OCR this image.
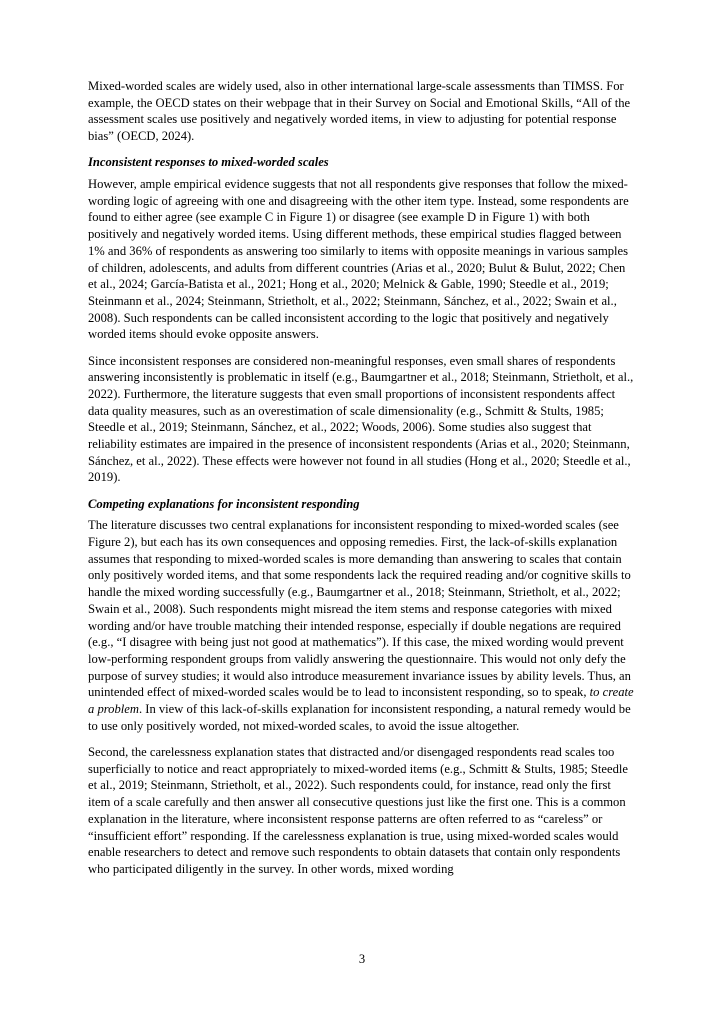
Mixed-worded scales are widely used, also in other international large-scale assessments than TIMSS. For example, the OECD states on their webpage that in their Survey on Social and Emotional Skills, “All of the assessment scales use positively and negatively worded items, in view to adjusting for potential response bias” (OECD, 2024).

Inconsistent responses to mixed-worded scales

However, ample empirical evidence suggests that not all respondents give responses that follow the mixed-wording logic of agreeing with one and disagreeing with the other item type. Instead, some respondents are found to either agree (see example C in Figure 1) or disagree (see example D in Figure 1) with both positively and negatively worded items. Using different methods, these empirical studies flagged between 1% and 36% of respondents as answering too similarly to items with opposite meanings in various samples of children, adolescents, and adults from different countries (Arias et al., 2020; Bulut & Bulut, 2022; Chen et al., 2024; García-Batista et al., 2021; Hong et al., 2020; Melnick & Gable, 1990; Steedle et al., 2019; Steinmann et al., 2024; Steinmann, Strietholt, et al., 2022; Steinmann, Sánchez, et al., 2022; Swain et al., 2008). Such respondents can be called inconsistent according to the logic that positively and negatively worded items should evoke opposite answers.

Since inconsistent responses are considered non-meaningful responses, even small shares of respondents answering inconsistently is problematic in itself (e.g., Baumgartner et al., 2018; Steinmann, Strietholt, et al., 2022). Furthermore, the literature suggests that even small proportions of inconsistent respondents affect data quality measures, such as an overestimation of scale dimensionality (e.g., Schmitt & Stults, 1985; Steedle et al., 2019; Steinmann, Sánchez, et al., 2022; Woods, 2006). Some studies also suggest that reliability estimates are impaired in the presence of inconsistent respondents (Arias et al., 2020; Steinmann, Sánchez, et al., 2022). These effects were however not found in all studies (Hong et al., 2020; Steedle et al., 2019).

Competing explanations for inconsistent responding

The literature discusses two central explanations for inconsistent responding to mixed-worded scales (see Figure 2), but each has its own consequences and opposing remedies. First, the lack-of-skills explanation assumes that responding to mixed-worded scales is more demanding than answering to scales that contain only positively worded items, and that some respondents lack the required reading and/or cognitive skills to handle the mixed wording successfully (e.g., Baumgartner et al., 2018; Steinmann, Strietholt, et al., 2022; Swain et al., 2008). Such respondents might misread the item stems and response categories with mixed wording and/or have trouble matching their intended response, especially if double negations are required (e.g., “I disagree with being just not good at mathematics”). If this case, the mixed wording would prevent low-performing respondent groups from validly answering the questionnaire. This would not only defy the purpose of survey studies; it would also introduce measurement invariance issues by ability levels. Thus, an unintended effect of mixed-worded scales would be to lead to inconsistent responding, so to speak, to create a problem. In view of this lack-of-skills explanation for inconsistent responding, a natural remedy would be to use only positively worded, not mixed-worded scales, to avoid the issue altogether.

Second, the carelessness explanation states that distracted and/or disengaged respondents read scales too superficially to notice and react appropriately to mixed-worded items (e.g., Schmitt & Stults, 1985; Steedle et al., 2019; Steinmann, Strietholt, et al., 2022). Such respondents could, for instance, read only the first item of a scale carefully and then answer all consecutive questions just like the first one. This is a common explanation in the literature, where inconsistent response patterns are often referred to as “careless” or “insufficient effort” responding. If the carelessness explanation is true, using mixed-worded scales would enable researchers to detect and remove such respondents to obtain datasets that contain only respondents who participated diligently in the survey. In other words, mixed wording

3
